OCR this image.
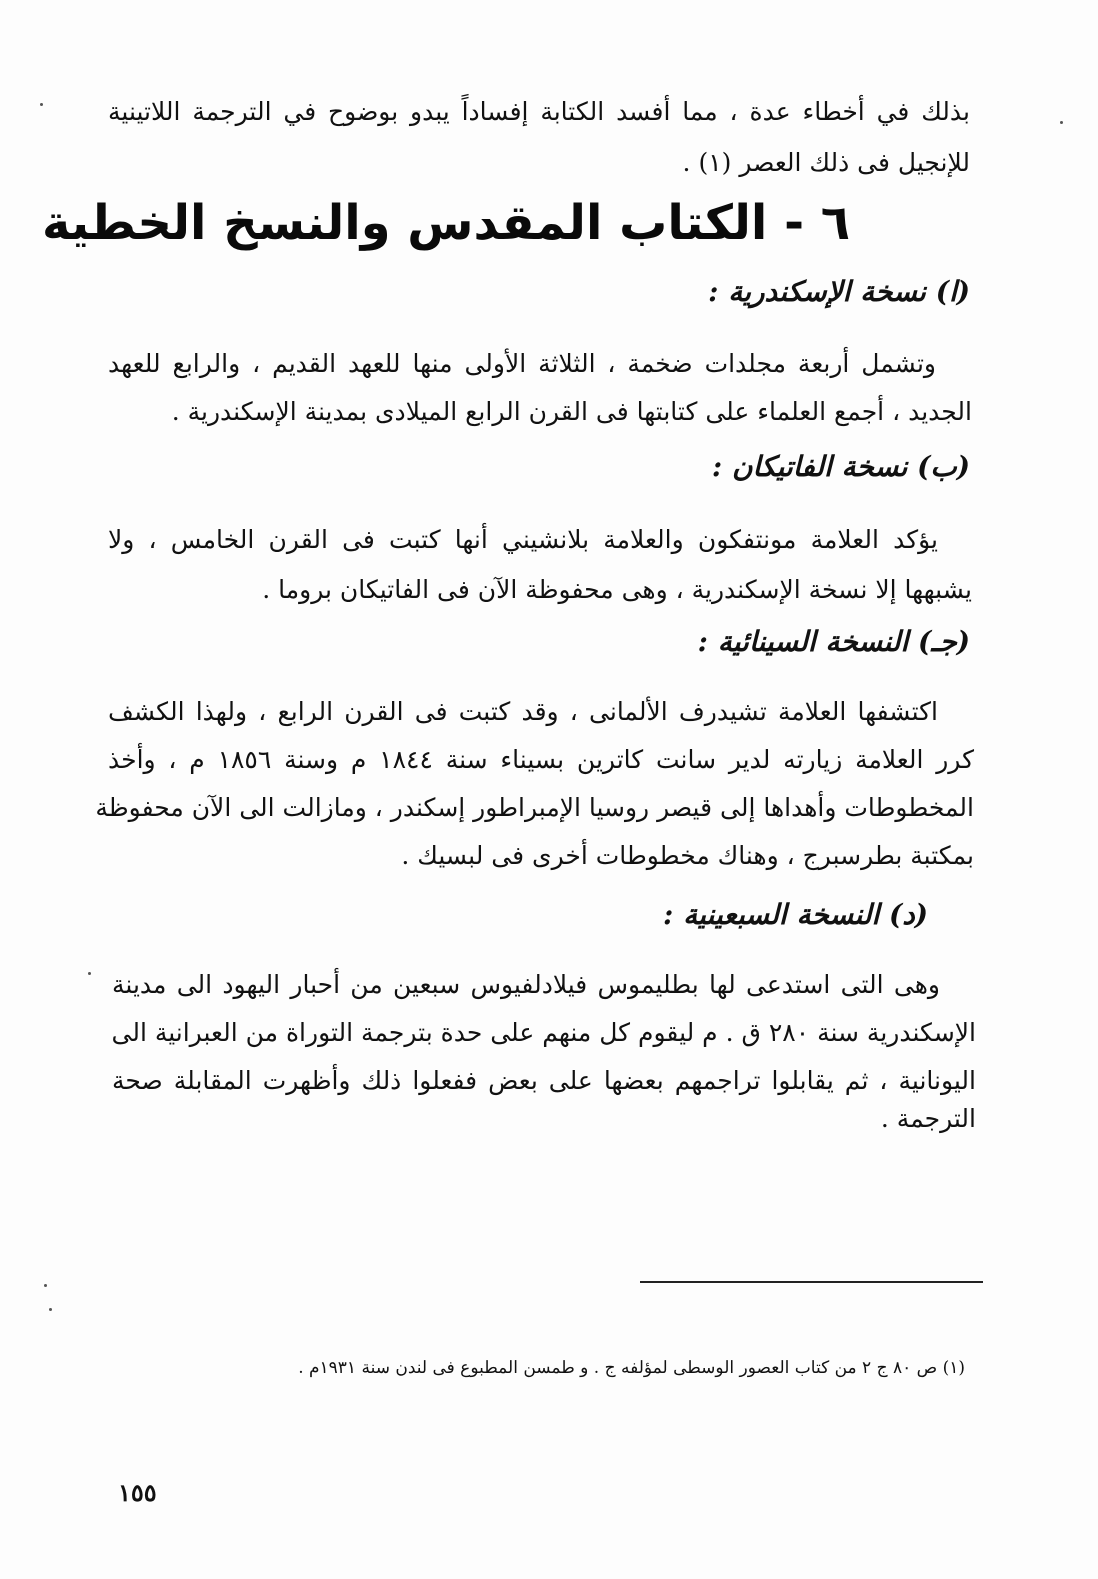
بذلك في أخطاء عدة ، مما أفسد الكتابة إفساداً يبدو بوضوح في الترجمة اللاتينية
للإنجيل فى ذلك العصر (١) .
٦ - الكتاب المقدس والنسخ الخطية
(ا) نسخة الإسكندرية :
وتشمل أربعة مجلدات ضخمة ، الثلاثة الأولى منها للعهد القديم ، والرابع للعهد
الجديد ، أجمع العلماء على كتابتها فى القرن الرابع الميلادى بمدينة الإسكندرية .
(ب) نسخة الفاتيكان :
يؤكد العلامة مونتفكون والعلامة بلانشيني أنها كتبت فى القرن الخامس ، ولا
يشبهها إلا نسخة الإسكندرية ، وهى محفوظة الآن فى الفاتيكان بروما .
(جـ) النسخة السينائية :
اكتشفها العلامة تشيدرف الألمانى ، وقد كتبت فى القرن الرابع ، ولهذا الكشف
كرر العلامة زيارته لدير سانت كاترين بسيناء سنة ١٨٤٤ م وسنة ١٨٥٦ م ، وأخذ
المخطوطات وأهداها إلى قيصر روسيا الإمبراطور إسكندر ، ومازالت الى الآن محفوظة
بمكتبة بطرسبرج ، وهناك مخطوطات أخرى فى لبسيك .
(د) النسخة السبعينية :
وهى التى استدعى لها بطليموس فيلادلفيوس سبعين من أحبار اليهود الى مدينة
الإسكندرية سنة ٢٨٠ ق . م ليقوم كل منهم على حدة بترجمة التوراة من العبرانية الى
اليونانية ، ثم يقابلوا تراجمهم بعضها على بعض ففعلوا ذلك وأظهرت المقابلة صحة
الترجمة .
(١) ص ٨٠ ج ٢ من كتاب العصور الوسطى لمؤلفه ج . و طمسن المطبوع فى لندن سنة ١٩٣١م .
١٥٥
